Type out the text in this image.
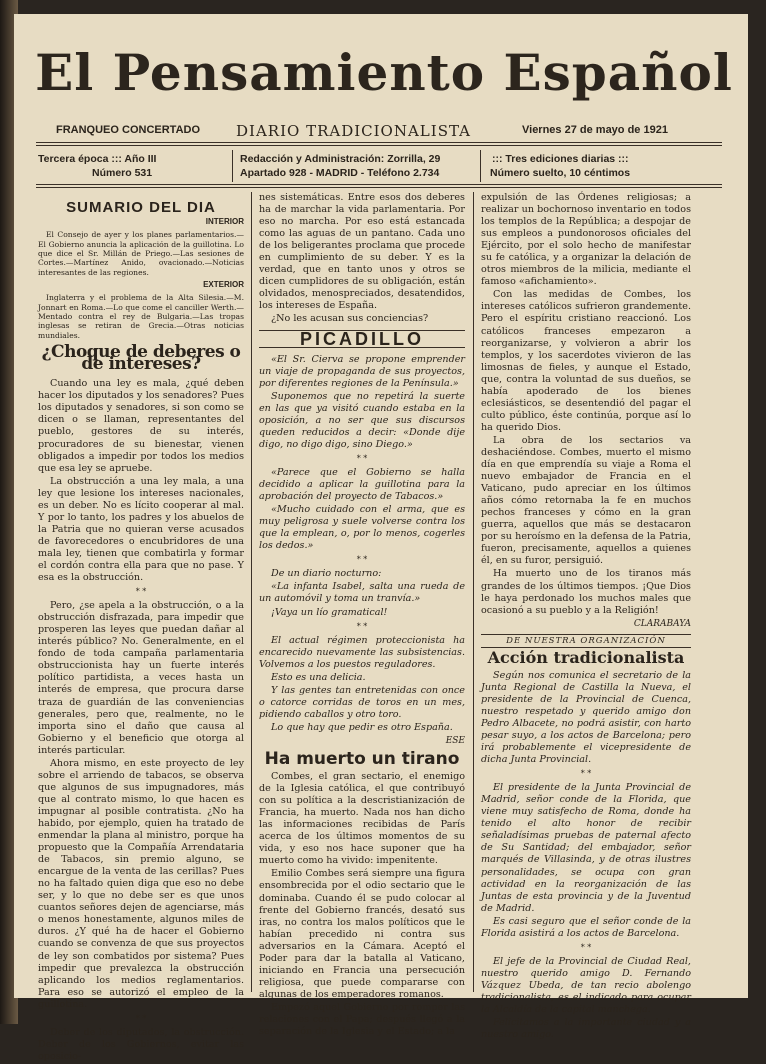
El Pensamiento Español
FRANQUEO CONCERTADO DIARIO TRADICIONALISTA	Viernes 27 de mayo de 1921
Tercera época ::: Año III
Número 531
Redacción y Administración: Zorrilla, 29
Apartado 928 - MADRID - Teléfono 2.734
::: Tres ediciones diarias :::
Número suelto, 10 céntimos
SUMARIO DEL DIA
INTERIOR

El Consejo de ayer y los planes parlamentarios.— El Gobierno anuncia la aplicación de la guillotina. Lo que dice el Sr. Millán de Priego.—Las sesiones de Cortes.—Martínez Anido, ovacionado.—Noticias interesantes de las regiones.

EXTERIOR

Inglaterra y el problema de la Alta Silesia.—M. Jonnart en Roma.—Lo que come el canciller Werth.—Mentado contra el rey de Bulgaria.—Las tropas inglesas se retiran de Grecia.—Otras noticias mundiales.

¿Choque de deberes o de intereses?

Cuando una ley es mala, ¿qué deben hacer los diputados y los senadores? Pues los diputados y senadores, si son como se dicen o se llaman, representantes del pueblo, gestores de su interés, procuradores de su bienestar, vienen obligados a impedir por todos los medios que esa ley se apruebe.

La obstrucción a una ley mala, a una ley que lesione los intereses nacionales, es un deber. No es lícito cooperar al mal. Y por lo tanto, los padres y los abuelos de la Patria que no quieran verse acusados de favorecedores o encubridores de una mala ley, tienen que combatirla y formar el cordón contra ella para que no pase. Y esa es la obstrucción.

* *

Pero, ¿se apela a la obstrucción, o a la obstrucción disfrazada, para impedir que prosperen las leyes que puedan dañar al interés público? No. Generalmente, en el fondo de toda campaña parlamentaria obstruccionista hay un fuerte interés político partidista, a veces hasta un interés de empresa, que procura darse traza de guardián de las conveniencias generales, pero que, realmente, no le importa sino el daño que causa al Gobierno y el beneficio que otorga al interés particular.

Ahora mismo, en este proyecto de ley sobre el arriendo de tabacos, se observa que algunos de sus impugnadores, más que al contrato mismo, lo que hacen es impugnar al posible contratista. ¿No ha habido, por ejemplo, quien ha tratado de enmendar la plana al ministro, porque ha propuesto que la Compañía Arrendataria de Tabacos, sin premio alguno, se encargue de la venta de las cerillas? Pues no ha faltado quien diga que eso no debe ser, y lo que no debe ser es que unos cuantos señores dejen de agenciarse, más o menos honestamente, algunos miles de duros. ¿Y qué ha de hacer el Gobierno cuando se convenza de que sus proyectos de ley son combatidos por sistema? Pues impedir que prevalezca la obstrucción aplicando los medios reglamentarios. Para eso se autorizó el empleo de la guillotina.

* *

Deber de los diputados, la obstrucción. Deber de los Gobiernos, evitar las oposicio-

nes sistemáticas. Entre esos dos deberes ha de marchar la vida parlamentaria. Por eso no marcha. Por eso está estancada como las aguas de un pantano. Cada uno de los beligerantes proclama que procede en cumplimiento de su deber. Y es la verdad, que en tanto unos y otros se dicen cumplidores de su obligación, están olvidados, menospreciados, desatendidos, los intereses de España.

¿No les acusan sus conciencias?

PICADILLO

«El Sr. Cierva se propone emprender un viaje de propaganda de sus proyectos, por diferentes regiones de la Península.»

Suponemos que no repetirá la suerte en las que ya visitó cuando estaba en la oposición, a no ser que sus discursos queden reducidos a decir: «Donde dije digo, no digo digo, sino Diego.»

* *

«Parece que el Gobierno se halla decidido a aplicar la guillotina para la aprobación del proyecto de Tabacos.»

«Mucho cuidado con el arma, que es muy peligrosa y suele volverse contra los que la emplean, o, por lo menos, cogerles los dedos.»

* *

De un diario nocturno:

«La infanta Isabel, salta una rueda de un automóvil y toma un tranvía.»

¡Vaya un lío gramatical!

* *

El actual régimen proteccionista ha encarecido nuevamente las subsistencias. Volvemos a los puestos reguladores.

Esto es una delicia.

Y las gentes tan entretenidas con once o catorce corridas de toros en un mes, pidiendo caballos y otro toro.

Lo que hay que pedir es otro España.

ESE
Ha muerto un tirano

Combes, el gran sectario, el enemigo de la Iglesia católica, el que contribuyó con su política a la descristianización de Francia, ha muerto. Nada nos han dicho las informaciones recibidas de París acerca de los últimos momentos de su vida, y eso nos hace suponer que ha muerto como ha vivido: impenitente.

Emilio Combes será siempre una figura ensombrecida por el odio sectario que le dominaba. Cuando él se pudo colocar al frente del Gobierno francés, desató sus iras, no contra los malos políticos que le habían precedido ni contra sus adversarios en la Cámara. Aceptó el Poder para dar la batalla al Vaticano, iniciando en Francia una persecución religiosa, que puede compararse con algunas de los emperadores romanos.

Empezó aquel Gobierno por romper las relaciones con el Papa; después llegó a la separación de la Iglesia y el Estado; a la

expulsión de las Órdenes religiosas; a realizar un bochornoso inventario en todos los templos de la República; a despojar de sus empleos a pundonorosos oficiales del Ejército, por el solo hecho de manifestar su fe católica, y a organizar la delación de otros miembros de la milicia, mediante el famoso «afichamiento».

Con las medidas de Combes, los intereses católicos sufrieron grandemente. Pero el espíritu cristiano reaccionó. Los católicos franceses empezaron a reorganizarse, y volvieron a abrir los templos, y los sacerdotes vivieron de las limosnas de fieles, y aunque el Estado, que, contra la voluntad de sus dueños, se había apoderado de los bienes eclesiásticos, se desentendió del pagar el culto público, éste continúa, porque así lo ha querido Dios.

La obra de los sectarios va deshaciéndose. Combes, muerto el mismo día en que emprendía su viaje a Roma el nuevo embajador de Francia en el Vaticano, pudo apreciar en los últimos años cómo retornaba la fe en muchos pechos franceses y cómo en la gran guerra, aquellos que más se destacaron por su heroísmo en la defensa de la Patria, fueron, precisamente, aquellos a quienes él, en su furor, persiguió.

Ha muerto uno de los tiranos más grandes de los últimos tiempos. ¡Que Dios le haya perdonado los muchos males que ocasionó a su pueblo y a la Religión!

CLARABAYA
DE NUESTRA ORGANIZACIÓN
Acción tradicionalista

Según nos comunica el secretario de la Junta Regional de Castilla la Nueva, el presidente de la Provincial de Cuenca, nuestro respetado y querido amigo don Pedro Albacete, no podrá asistir, con harto pesar suyo, a los actos de Barcelona; pero irá probablemente el vicepresidente de dicha Junta Provincial.

* *

El presidente de la Junta Provincial de Madrid, señor conde de la Florida, que viene muy satisfecho de Roma, donde ha tenido el alto honor de recibir señaladísimas pruebas de paternal afecto de Su Santidad; del embajador, señor marqués de Villasinda, y de otras ilustres personalidades, se ocupa con gran actividad en la reorganización de las Juntas de esta provincia y de la Juventud de Madrid.

Es casi seguro que el señor conde de la Florida asistirá a los actos de Barcelona.

* *

El jefe de la Provincial de Ciudad Real, nuestro querido amigo D. Fernando Vázquez Ubeda, de tan recio abolengo tradicionalista, es el indicado para ocupar la Alcaldía de la capital manchega.

Felicitamos a la importante ciudad y a nuestro amigo.
